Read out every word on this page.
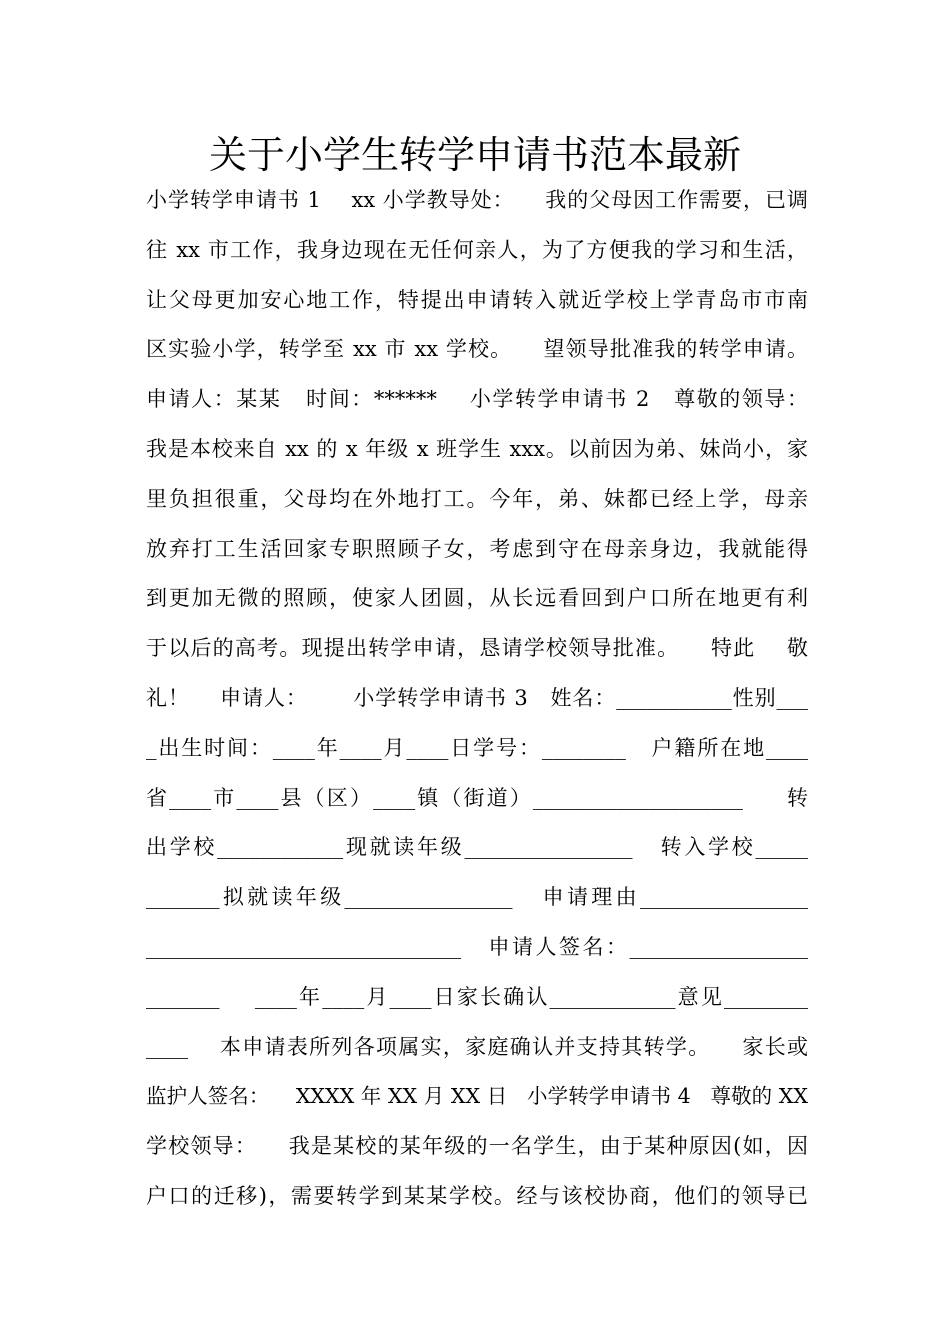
关于小学生转学申请书范本最新
小学转学申请书 1    xx 小学教导处：    我的父母因工作需要，已调
往 xx 市工作，我身边现在无任何亲人，为了方便我的学习和生活，
让父母更加安心地工作，特提出申请转入就近学校上学青岛市市南
区实验小学，转学至 xx 市 xx 学校。    望领导批准我的转学申请。
申请人：某某   时间：******    小学转学申请书 2   尊敬的领导：
我是本校来自 xx 的 x 年级 x 班学生 xxx。以前因为弟、妹尚小，家
里负担很重，父母均在外地打工。今年，弟、妹都已经上学，母亲
放弃打工生活回家专职照顾子女，考虑到守在母亲身边，我就能得
到更加无微的照顾，使家人团圆，从长远看回到户口所在地更有利
于以后的高考。现提出转学申请，恳请学校领导批准。    特此    敬
礼！    申请人：      小学转学申请书 3   姓名：___________性别___
_出生时间：____年____月____日学号：________   户籍所在地____
省____市____县（区）____镇（街道）____________________     转
出学校____________现就读年级________________   转入学校_____
_______拟就读年级________________   申请理由________________
______________________________   申请人签名：_________________
_______    ____年____月____日家长确认____________意见________
____    本申请表所列各项属实，家庭确认并支持其转学。    家长或
监护人签名：    XXXX 年 XX 月 XX 日   小学转学申请书 4   尊敬的 XX
学校领导：    我是某校的某年级的一名学生，由于某种原因(如，因
户口的迁移)，需要转学到某某学校。经与该校协商，他们的领导已
